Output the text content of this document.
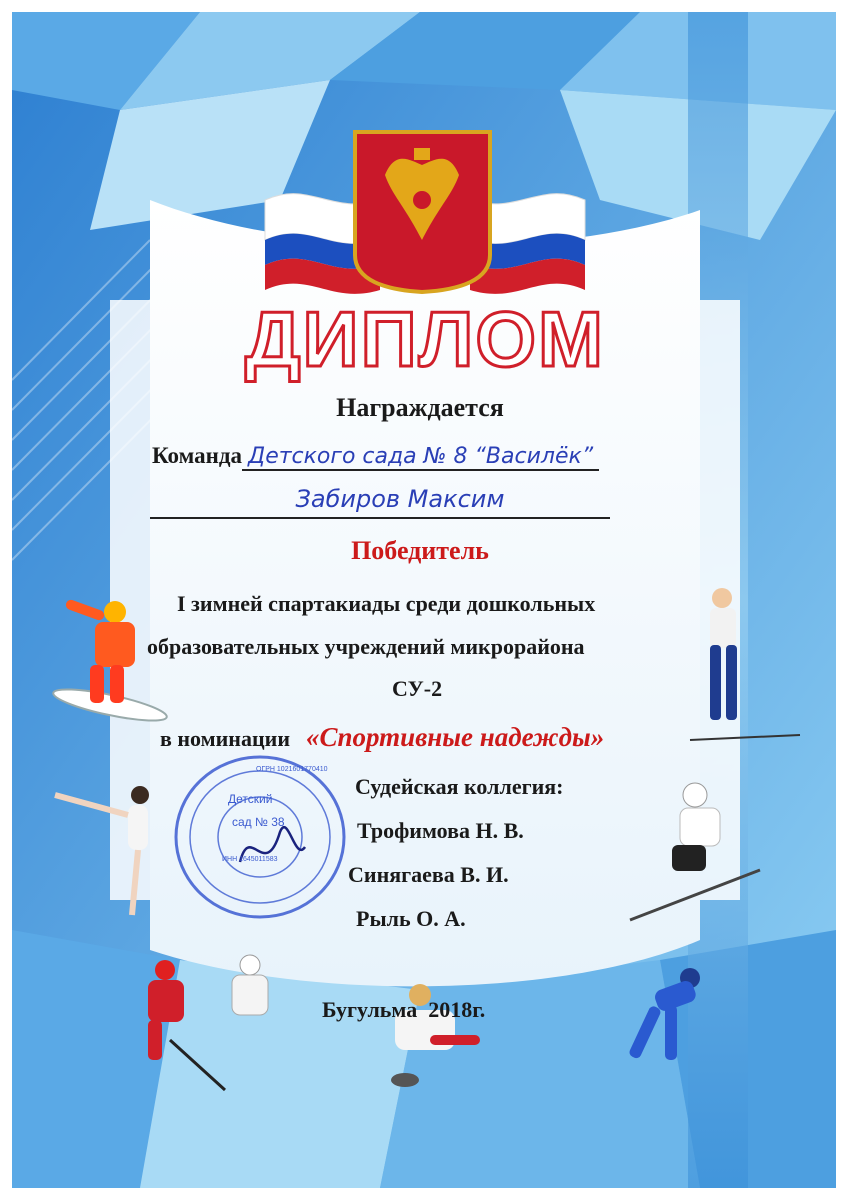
ДИПЛОМ
Награждается
Команда Детского сада № 8 “Василёк”
Забиров Максим
Победитель
I зимней спартакиады среди дошкольных
образовательных учреждений микрорайона
СУ-2
в номинации «Спортивные надежды»
Детский
сад № 38
ОГРН 1021601770410
ИНН 1645011583
Судейская коллегия:
Трофимова Н. В.
Синягаева В. И.
Рыль О. А.
Бугульма  2018г.
